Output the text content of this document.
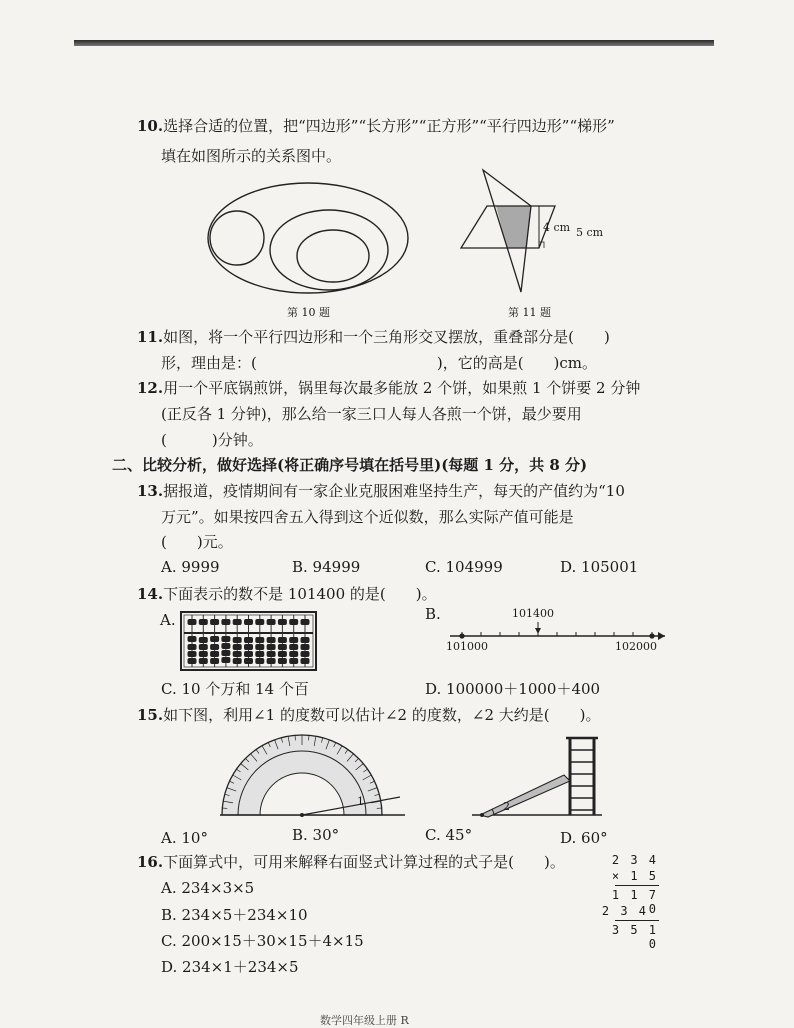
10.选择合适的位置，把“四边形”“长方形”“正方形”“平行四边形”“梯形”
填在如图所示的关系图中。
第 10 题
4 cm 5 cm
第 11 题
11.如图，将一个平行四边形和一个三角形交叉摆放，重叠部分是(　　)
形，理由是：(　　　　　　　　　　　　)，它的高是(　　)cm。
12.用一个平底锅煎饼，锅里每次最多能放 2 个饼，如果煎 1 个饼要 2 分钟
(正反各 1 分钟)，那么给一家三口人每人各煎一个饼，最少要用
(　　　)分钟。
二、比较分析，做好选择(将正确序号填在括号里)(每题 1 分，共 8 分)
13.据报道，疫情期间有一家企业克服困难坚持生产，每天的产值约为“10
万元”。如果按四舍五入得到这个近似数，那么实际产值可能是
(　　)元。
A. 9999	B. 94999	C. 104999	D. 105001
14.下面表示的数不是 101400 的是(　　)。
A.	B.	101400
101000	102000
C. 10 个万和 14 个百	D. 100000＋1000＋400
15.如下图，利用∠1 的度数可以估计∠2 的度数，∠2 大约是(　　)。
1	2
A. 10°	B. 30°	C. 45°	D. 60°
16.下面算式中，可用来解释右面竖式计算过程的式子是(　　)。
A. 234×3×5
B. 234×5＋234×10
C. 200×15＋30×15＋4×15
D. 234×1＋234×5
2 3 4
× 1 5
1 1 7 0
2 3 4
3 5 1 0
数学四年级上册 R
